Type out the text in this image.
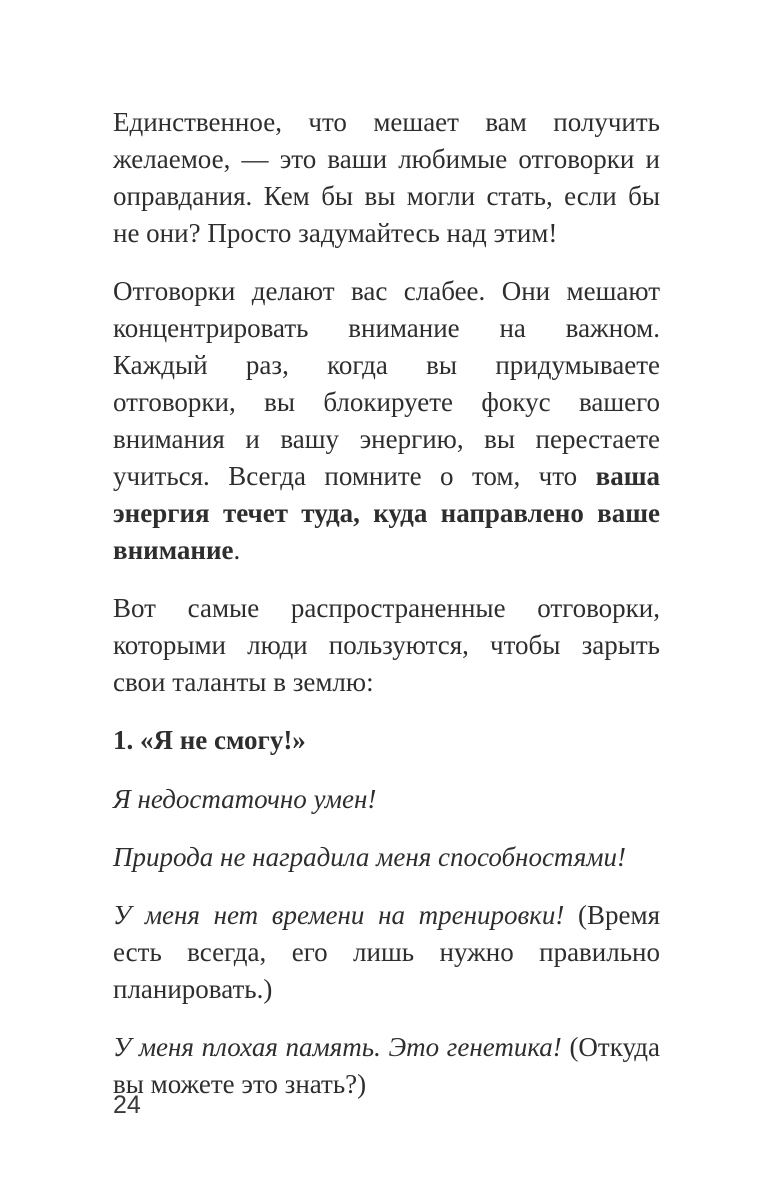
Единственное, что мешает вам получить желаемое, — это ваши любимые отговорки и оправдания. Кем бы вы могли стать, если бы не они? Просто задумайтесь над этим!

Отговорки делают вас слабее. Они мешают концентрировать внимание на важном. Каждый раз, когда вы придумываете отговорки, вы блокируете фокус вашего внимания и вашу энергию, вы перестаете учиться. Всегда помните о том, что ваша энергия течет туда, куда направлено ваше внимание.

Вот самые распространенные отговорки, которыми люди пользуются, чтобы зарыть свои таланты в землю:

1. «Я не смогу!»

Я недостаточно умен!

Природа не наградила меня способностями!

У меня нет времени на тренировки! (Время есть всегда, его лишь нужно правильно планировать.)

У меня плохая память. Это генетика! (Откуда вы можете это знать?)

24
